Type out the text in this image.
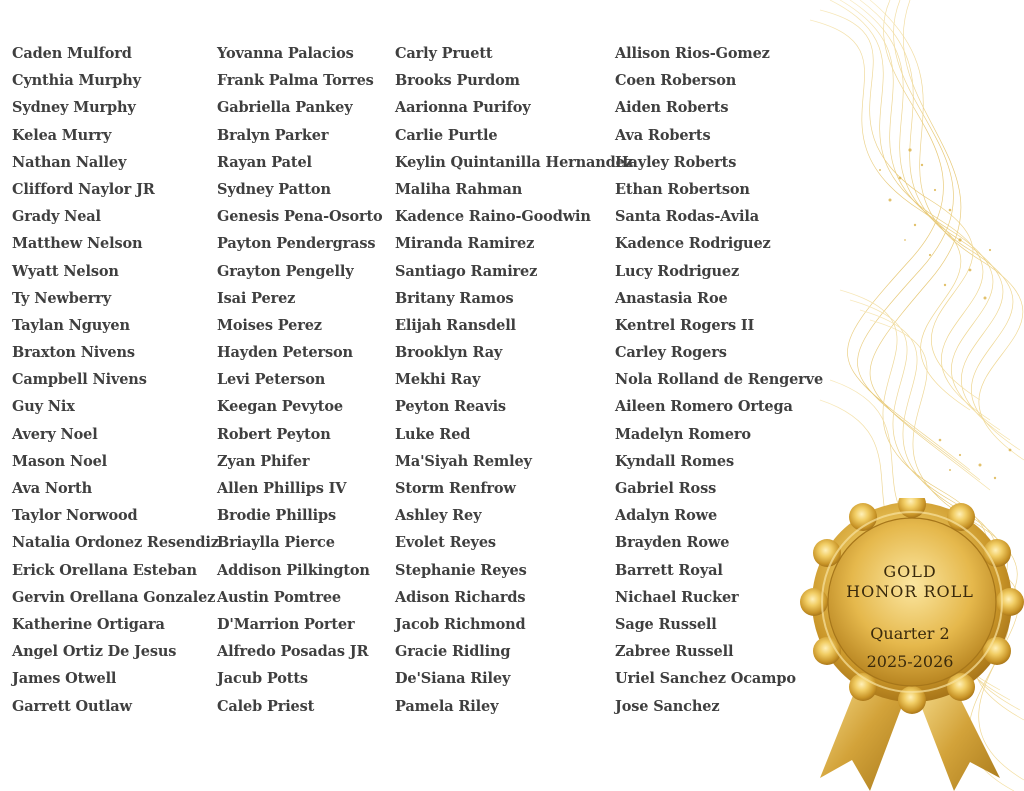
Caden Mulford
Cynthia Murphy
Sydney Murphy
Kelea Murry
Nathan Nalley
Clifford Naylor JR
Grady Neal
Matthew Nelson
Wyatt Nelson
Ty Newberry
Taylan Nguyen
Braxton Nivens
Campbell Nivens
Guy Nix
Avery Noel
Mason Noel
Ava North
Taylor Norwood
Natalia Ordonez Resendiz
Erick Orellana Esteban
Gervin Orellana Gonzalez
Katherine Ortigara
Angel Ortiz De Jesus
James Otwell
Garrett Outlaw
Yovanna Palacios
Frank Palma Torres
Gabriella Pankey
Bralyn Parker
Rayan Patel
Sydney Patton
Genesis Pena-Osorto
Payton Pendergrass
Grayton Pengelly
Isai Perez
Moises Perez
Hayden Peterson
Levi Peterson
Keegan Pevytoe
Robert Peyton
Zyan Phifer
Allen Phillips IV
Brodie Phillips
Briaylla Pierce
Addison Pilkington
Austin Pomtree
D'Marrion Porter
Alfredo Posadas JR
Jacub Potts
Caleb Priest
Carly Pruett
Brooks Purdom
Aarionna Purifoy
Carlie Purtle
Keylin Quintanilla Hernandez
Maliha Rahman
Kadence Raino-Goodwin
Miranda Ramirez
Santiago Ramirez
Britany Ramos
Elijah Ransdell
Brooklyn Ray
Mekhi Ray
Peyton Reavis
Luke Red
Ma'Siyah Remley
Storm Renfrow
Ashley Rey
Evolet Reyes
Stephanie Reyes
Adison Richards
Jacob Richmond
Gracie Ridling
De'Siana Riley
Pamela Riley
Allison Rios-Gomez
Coen Roberson
Aiden Roberts
Ava Roberts
Hayley Roberts
Ethan Robertson
Santa Rodas-Avila
Kadence Rodriguez
Lucy Rodriguez
Anastasia Roe
Kentrel Rogers II
Carley Rogers
Nola Rolland de Rengerve
Aileen Romero Ortega
Madelyn Romero
Kyndall Romes
Gabriel Ross
Adalyn Rowe
Brayden Rowe
Barrett Royal
Nichael Rucker
Sage Russell
Zabree Russell
Uriel Sanchez Ocampo
Jose Sanchez
GOLD
HONOR ROLL
Quarter 2
2025-2026
